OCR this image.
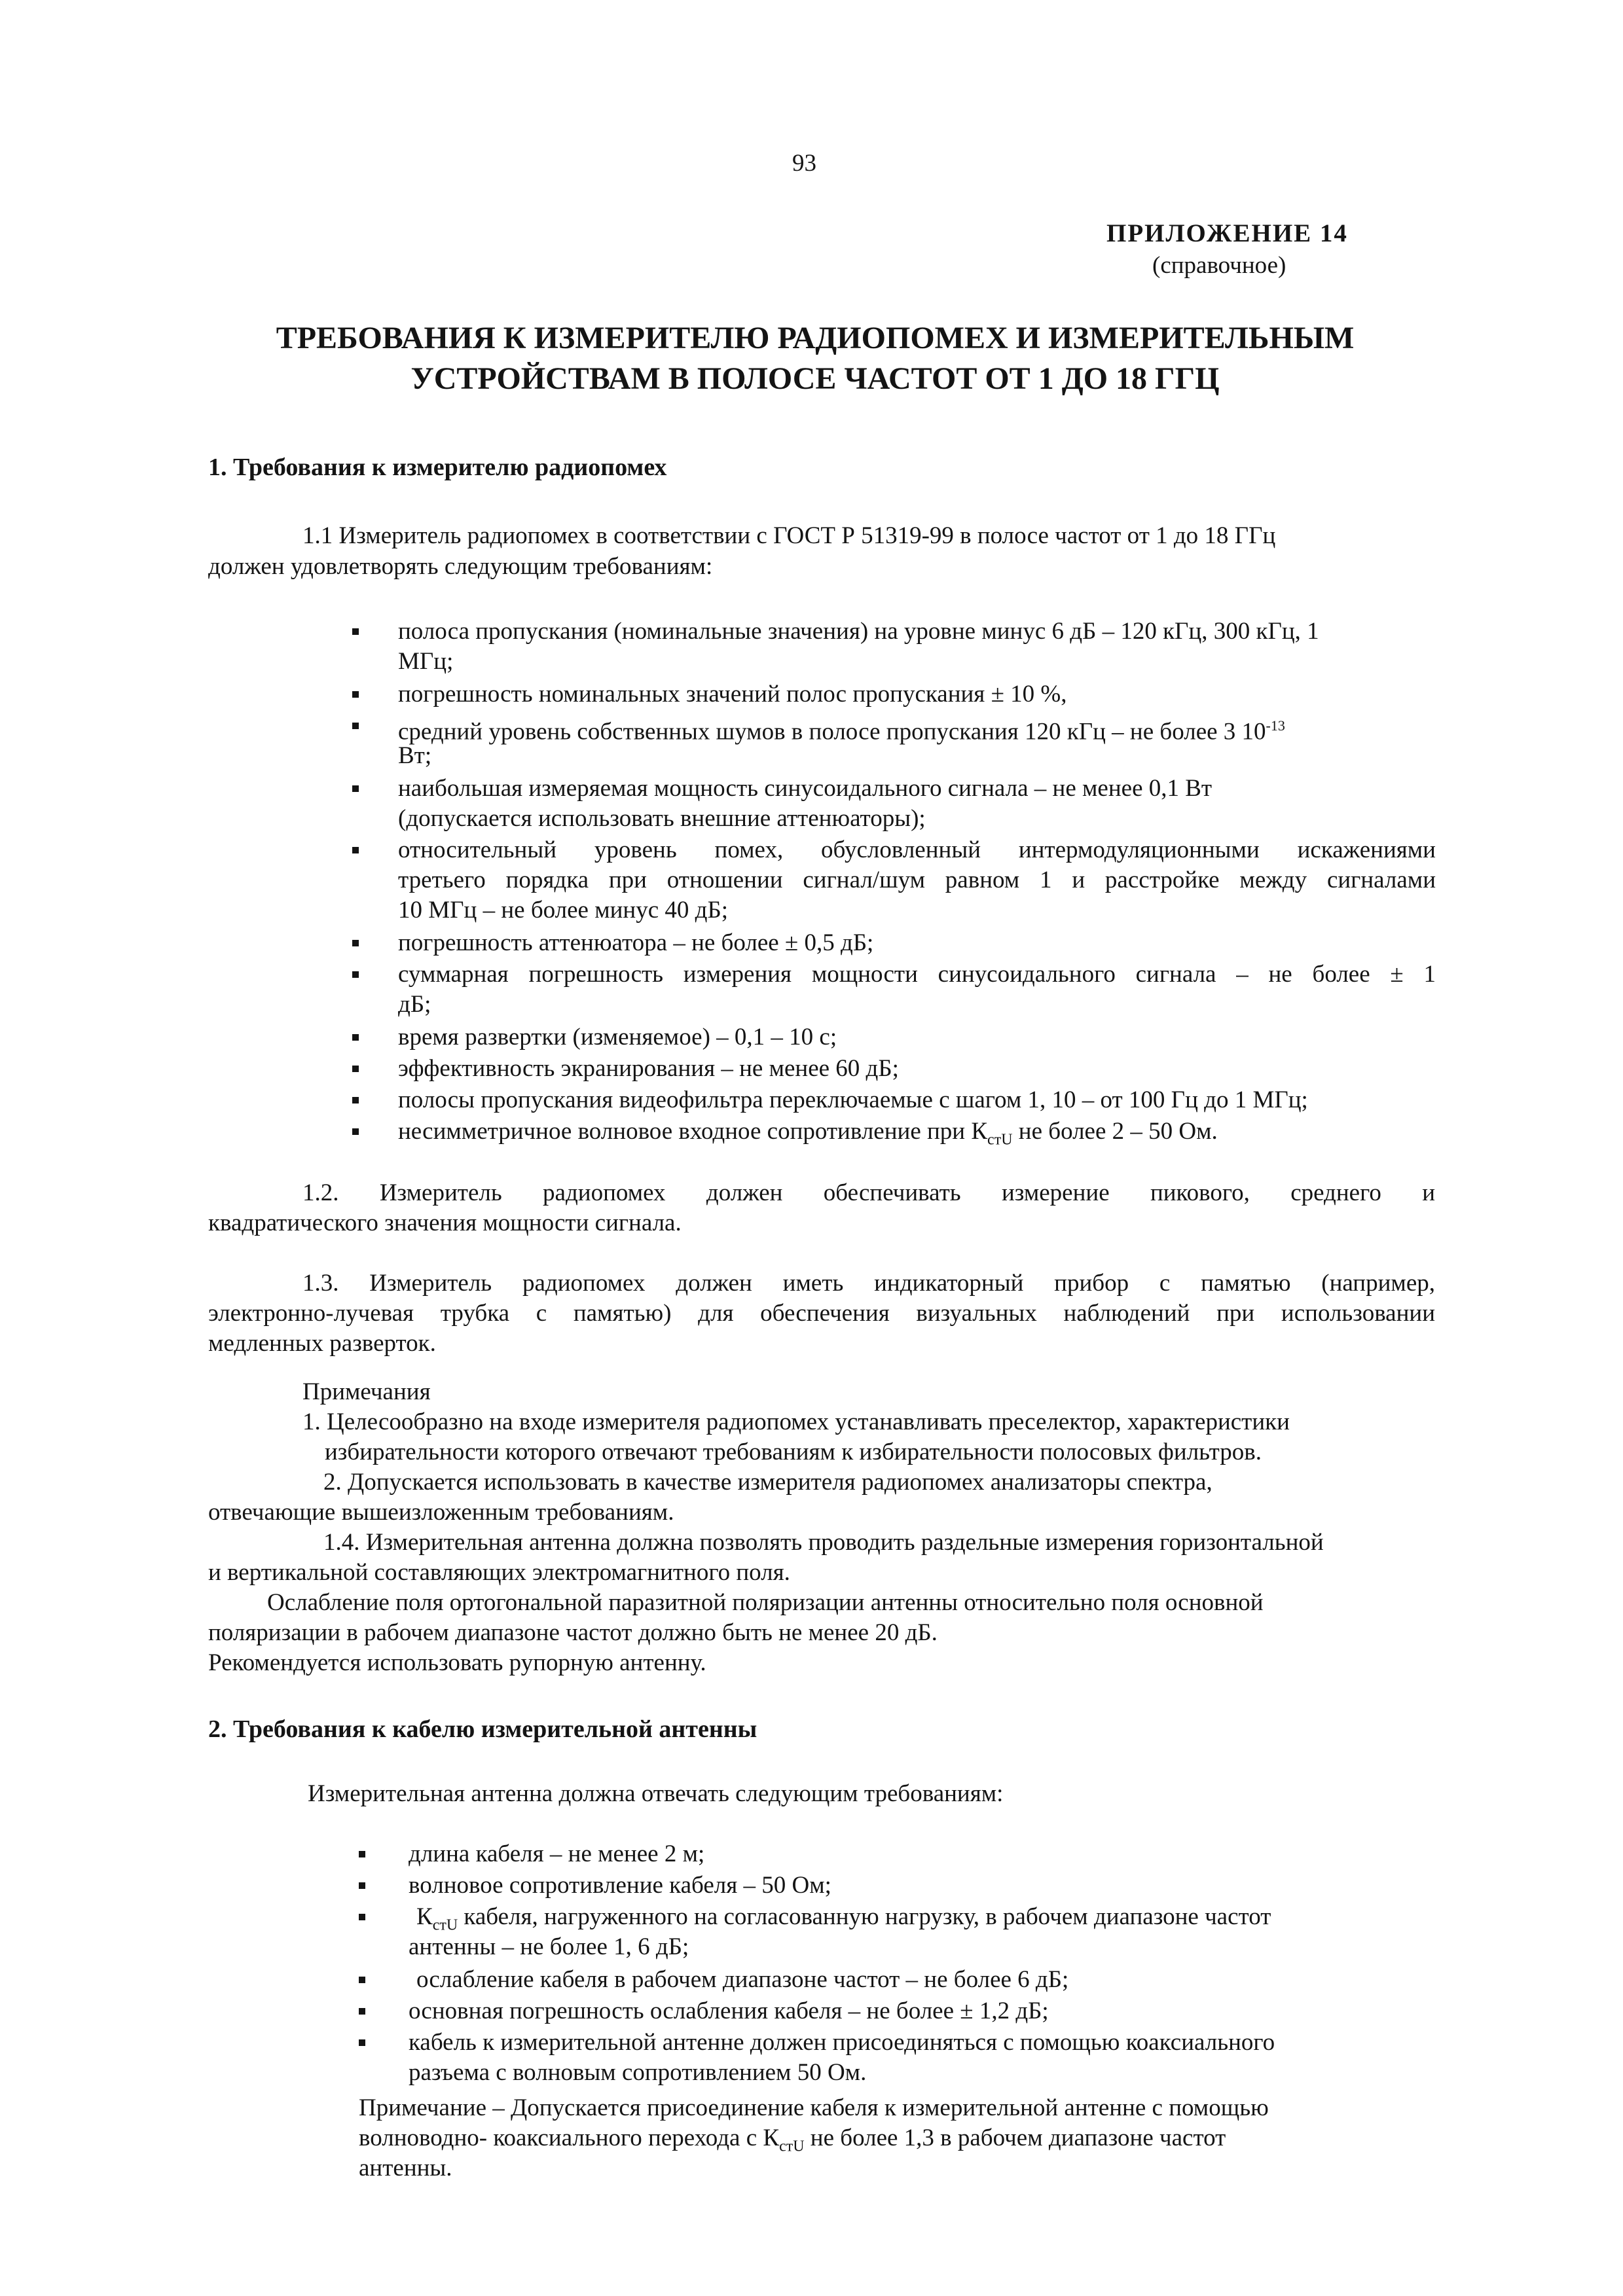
93
ПРИЛОЖЕНИЕ 14
(справочное)
ТРЕБОВАНИЯ К ИЗМЕРИТЕЛЮ РАДИОПОМЕХ И ИЗМЕРИТЕЛЬНЫМ
УСТРОЙСТВАМ В ПОЛОСЕ ЧАСТОТ ОТ 1 ДО 18 ГГЦ
1. Требования к измерителю радиопомех
1.1 Измеритель радиопомех в соответствии с ГОСТ Р 51319-99 в полосе частот от 1 до 18 ГГц
должен удовлетворять следующим требованиям:
полоса пропускания (номинальные значения) на уровне минус 6 дБ – 120 кГц, 300 кГц, 1
МГц;
погрешность номинальных значений полос пропускания ± 10 %,
средний уровень собственных шумов в полосе пропускания 120 кГц – не более 3 $10^{-13}$
Вт;
наибольшая измеряемая мощность синусоидального сигнала – не менее 0,1 Вт
(допускается использовать внешние аттенюаторы);
относительный уровень помех, обусловленный интермодуляционными искажениями
третьего порядка при отношении сигнал/шум равном 1 и расстройке между сигналами
10 МГц – не более минус 40 дБ;
погрешность аттенюатора – не более ± 0,5 дБ;
суммарная погрешность измерения мощности синусоидального сигнала – не более ± 1
дБ;
время развертки (изменяемое) – 0,1 – 10 с;
эффективность экранирования – не менее 60 дБ;
полосы пропускания видеофильтра переключаемые с шагом 1, 10 – от 100 Гц до 1 МГц;
несимметричное волновое входное сопротивление при $К_{стU}$ не более 2 – 50 Ом.
1.2. Измеритель радиопомех должен обеспечивать измерение пикового, среднего и
квадратического значения мощности сигнала.
1.3. Измеритель радиопомех должен иметь индикаторный прибор с памятью (например,
электронно-лучевая трубка с памятью) для обеспечения визуальных наблюдений при использовании
медленных разверток.
Примечания
1. Целесообразно на входе измерителя радиопомех устанавливать преселектор, характеристики
избирательности которого отвечают требованиям к избирательности полосовых фильтров.
2. Допускается использовать в качестве измерителя радиопомех анализаторы спектра,
отвечающие вышеизложенным требованиям.
1.4. Измерительная антенна должна позволять проводить раздельные измерения горизонтальной
и вертикальной составляющих электромагнитного поля.
Ослабление поля ортогональной паразитной поляризации антенны относительно поля основной
поляризации в рабочем диапазоне частот должно быть не менее 20 дБ.
Рекомендуется использовать рупорную антенну.
2. Требования к кабелю измерительной антенны
Измерительная антенна должна отвечать следующим требованиям:
длина кабеля – не менее 2 м;
волновое сопротивление кабеля – 50 Ом;
$К_{стU}$ кабеля, нагруженного на согласованную нагрузку, в рабочем диапазоне частот
антенны – не более 1, 6 дБ;
ослабление кабеля в рабочем диапазоне частот – не более 6 дБ;
основная погрешность ослабления кабеля – не более ± 1,2 дБ;
кабель к измерительной антенне должен присоединяться с помощью коаксиального
разъема с волновым сопротивлением 50 Ом.
Примечание – Допускается присоединение кабеля к измерительной антенне с помощью
волноводно- коаксиального перехода с $К_{стU}$ не более 1,3 в рабочем диапазоне частот
антенны.
